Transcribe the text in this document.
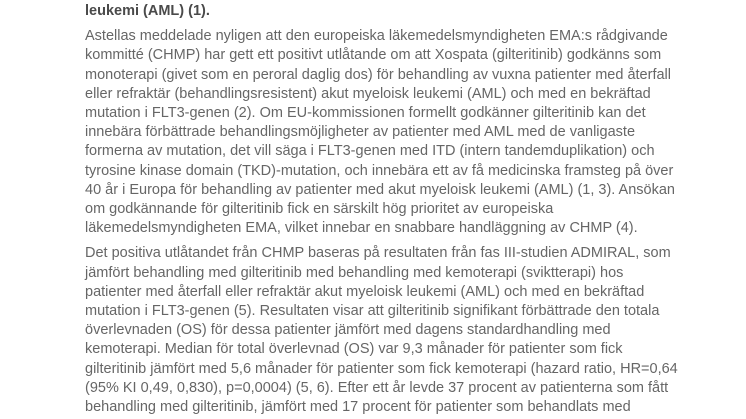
leukemi (AML) (1).
Astellas meddelade nyligen att den europeiska läkemedelsmyndigheten EMA:s rådgivande
kommitté (CHMP) har gett ett positivt utlåtande om att Xospata (gilteritinib) godkänns som
monoterapi (givet som en peroral daglig dos) för behandling av vuxna patienter med återfall
eller refraktär (behandlingsresistent) akut myeloisk leukemi (AML) och med en bekräftad
mutation i FLT3-genen (2). Om EU-kommissionen formellt godkänner gilteritinib kan det
innebära förbättrade behandlingsmöjligheter av patienter med AML med de vanligaste
formerna av mutation, det vill säga i FLT3-genen med ITD (intern tandemduplikation) och
tyrosine kinase domain (TKD)-mutation, och innebära ett av få medicinska framsteg på över
40 år i Europa för behandling av patienter med akut myeloisk leukemi (AML) (1, 3). Ansökan
om godkännande för gilteritinib fick en särskilt hög prioritet av europeiska
läkemedelsmyndigheten EMA, vilket innebar en snabbare handläggning av CHMP (4).
Det positiva utlåtandet från CHMP baseras på resultaten från fas III-studien ADMIRAL, som
jämfört behandling med gilteritinib med behandling med kemoterapi (sviktterapi) hos
patienter med återfall eller refraktär akut myeloisk leukemi (AML) och med en bekräftad
mutation i FLT3-genen (5). Resultaten visar att gilteritinib signifikant förbättrade den totala
överlevnaden (OS) för dessa patienter jämfört med dagens standardhandling med
kemoterapi. Median för total överlevnad (OS) var 9,3 månader för patienter som fick
gilteritinib jämfört med 5,6 månader för patienter som fick kemoterapi (hazard ratio, HR=0,64
(95% KI 0,49, 0,830), p=0,0004) (5, 6). Efter ett år levde 37 procent av patienterna som fått
behandling med gilteritinib, jämfört med 17 procent för patienter som behandlats med
